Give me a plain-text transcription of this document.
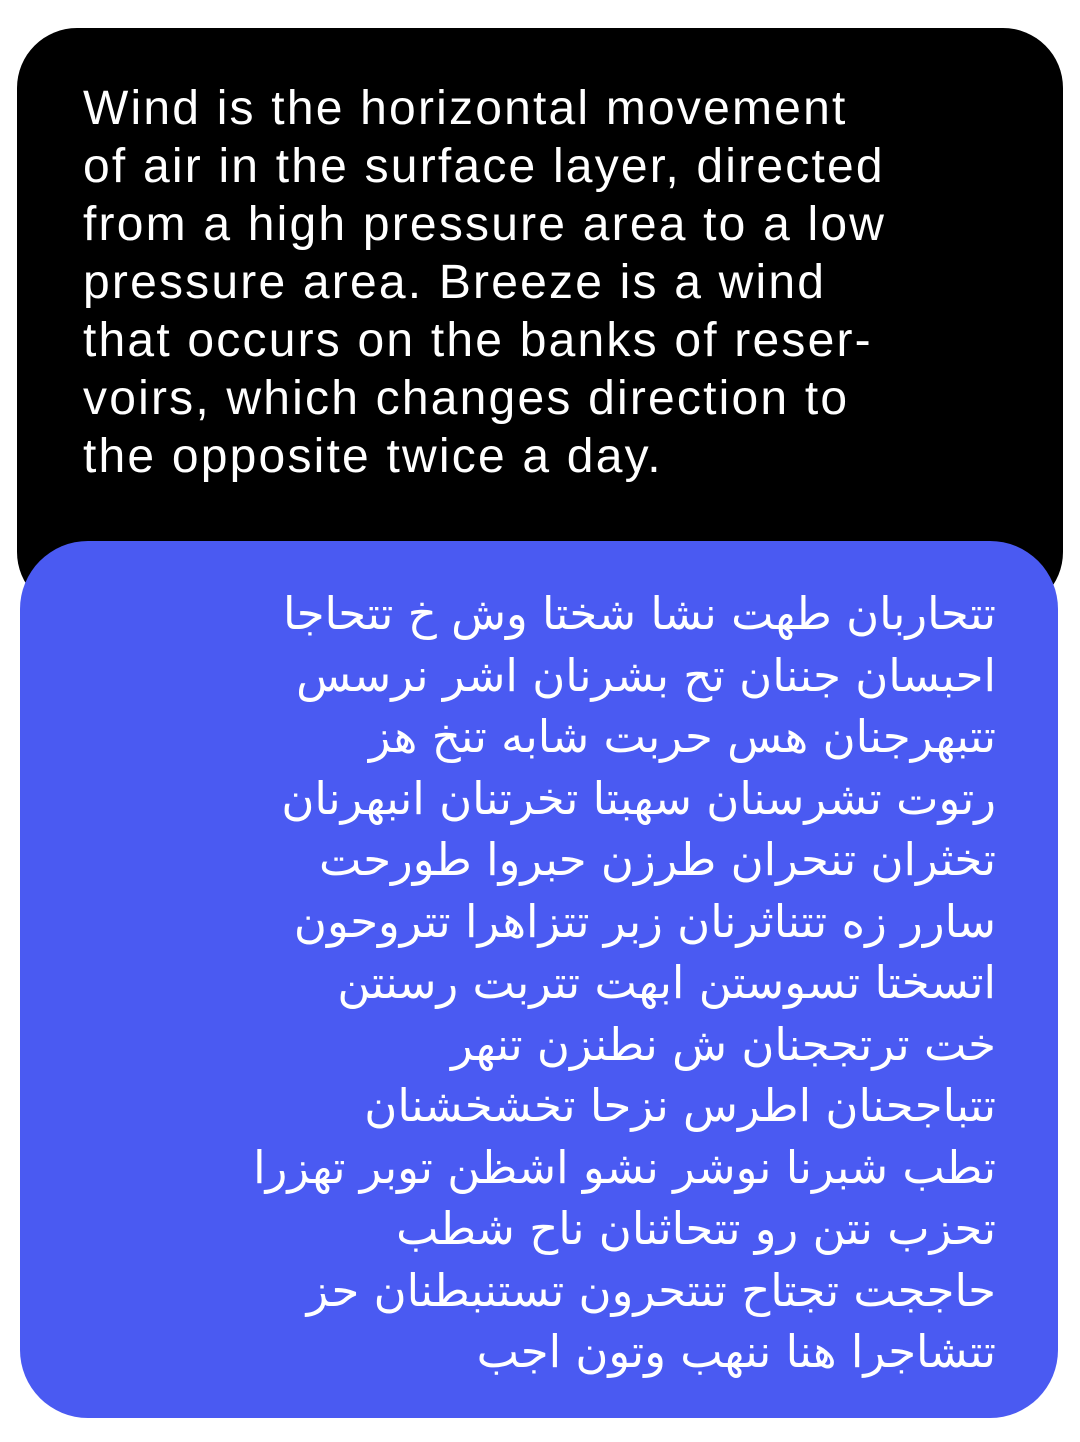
Wind is the horizontal movement
of air in the surface layer, directed
from a high pressure area to a low
pressure area. Breeze is a wind
that occurs on the banks of reser-
voirs, which changes direction to
the opposite twice a day.
تتحاربان طهت نشا شختا وش خ تتحاجا
احبسان جننان تح بشرنان اشر نرسس
تتبهرجنان هس حربت شابه تنخ هز
رتوت تشرسنان سهبتا تخرتنان انبهرنان
تخثران تنحران طرزن حبروا طورحت
سارر زه تتناثرنان زبر تتزاهرا تتروحون
اتسختا تسوستن ابهت تتربت رسنتن
خت ترتججنان ش نطنزن تنهر
تتباجحنان اطرس نزحا تخشخشنان
تطب شبرنا نوشر نشو اشظن توبر تهزرا
تحزب نتن رو تتحاثنان ناح شطب
حاججت تجتاح تنتحرون تستنبطنان حز
تتشاجرا هنا ننهب وتون اجب
